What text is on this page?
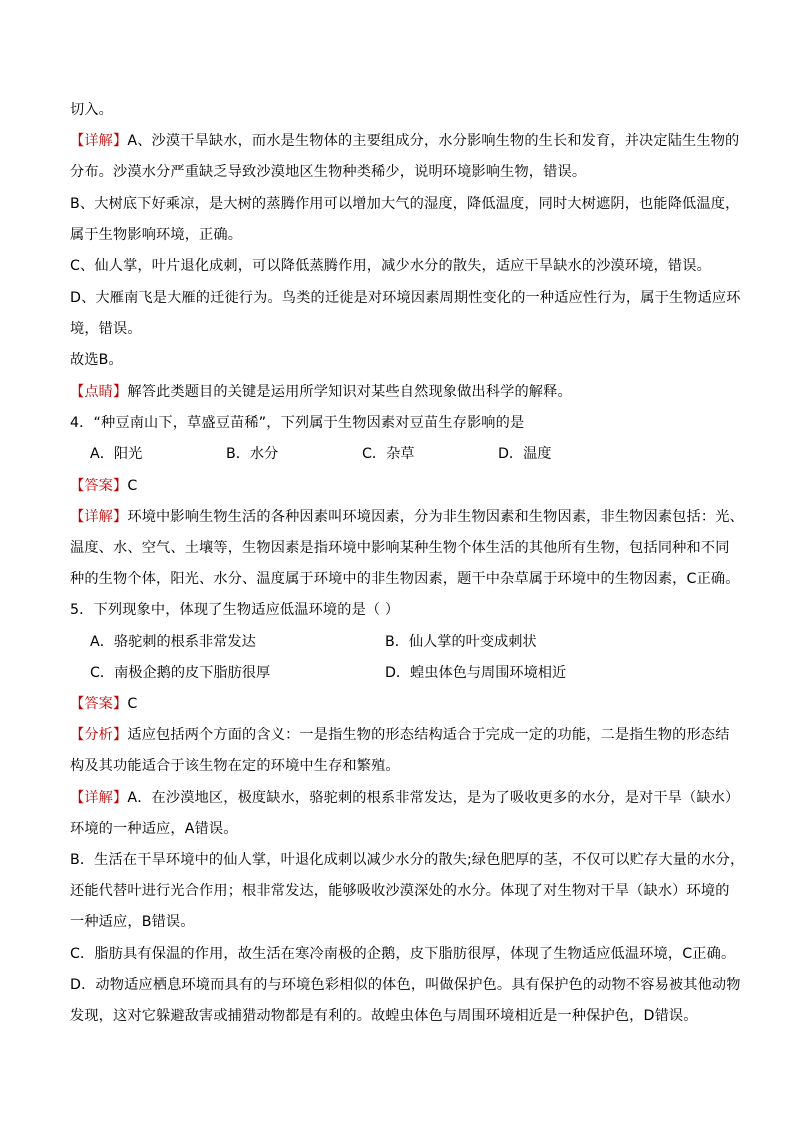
切入。
【详解】A、沙漠干旱缺水，而水是生物体的主要组成分，水分影响生物的生长和发育，并决定陆生生物的
分布。沙漠水分严重缺乏导致沙漠地区生物种类稀少，说明环境影响生物，错误。
B、大树底下好乘凉，是大树的蒸腾作用可以增加大气的湿度，降低温度，同时大树遮阴，也能降低温度，
属于生物影响环境，正确。
C、仙人掌，叶片退化成刺，可以降低蒸腾作用，减少水分的散失，适应干旱缺水的沙漠环境，错误。
D、大雁南飞是大雁的迁徙行为。鸟类的迁徙是对环境因素周期性变化的一种适应性行为，属于生物适应环
境，错误。
故选B。
【点睛】解答此类题目的关键是运用所学知识对某些自然现象做出科学的解释。
4．“种豆南山下，草盛豆苗稀”，下列属于生物因素对豆苗生存影响的是
A．阳光	B．水分	C．杂草	D．温度
【答案】C
【详解】环境中影响生物生活的各种因素叫环境因素，分为非生物因素和生物因素，非生物因素包括：光、
温度、水、空气、土壤等，生物因素是指环境中影响某种生物个体生活的其他所有生物，包括同种和不同
种的生物个体，阳光、水分、温度属于环境中的非生物因素，题干中杂草属于环境中的生物因素，C正确。
5．下列现象中，体现了生物适应低温环境的是（ ）
A．骆驼刺的根系非常发达	B．仙人掌的叶变成刺状
C．南极企鹅的皮下脂肪很厚	D．蝗虫体色与周围环境相近
【答案】C
【分析】适应包括两个方面的含义：一是指生物的形态结构适合于完成一定的功能，二是指生物的形态结
构及其功能适合于该生物在定的环境中生存和繁殖。
【详解】A．在沙漠地区，极度缺水，骆驼刺的根系非常发达，是为了吸收更多的水分，是对干旱（缺水）
环境的一种适应，A错误。
B．生活在干旱环境中的仙人掌，叶退化成刺以减少水分的散失;绿色肥厚的茎，不仅可以贮存大量的水分，
还能代替叶进行光合作用；根非常发达，能够吸收沙漠深处的水分。体现了对生物对干旱（缺水）环境的
一种适应，B错误。
C．脂肪具有保温的作用，故生活在寒冷南极的企鹅，皮下脂肪很厚，体现了生物适应低温环境，C正确。
D．动物适应栖息环境而具有的与环境色彩相似的体色，叫做保护色。具有保护色的动物不容易被其他动物
发现，这对它躲避敌害或捕猎动物都是有利的。故蝗虫体色与周围环境相近是一种保护色，D错误。
